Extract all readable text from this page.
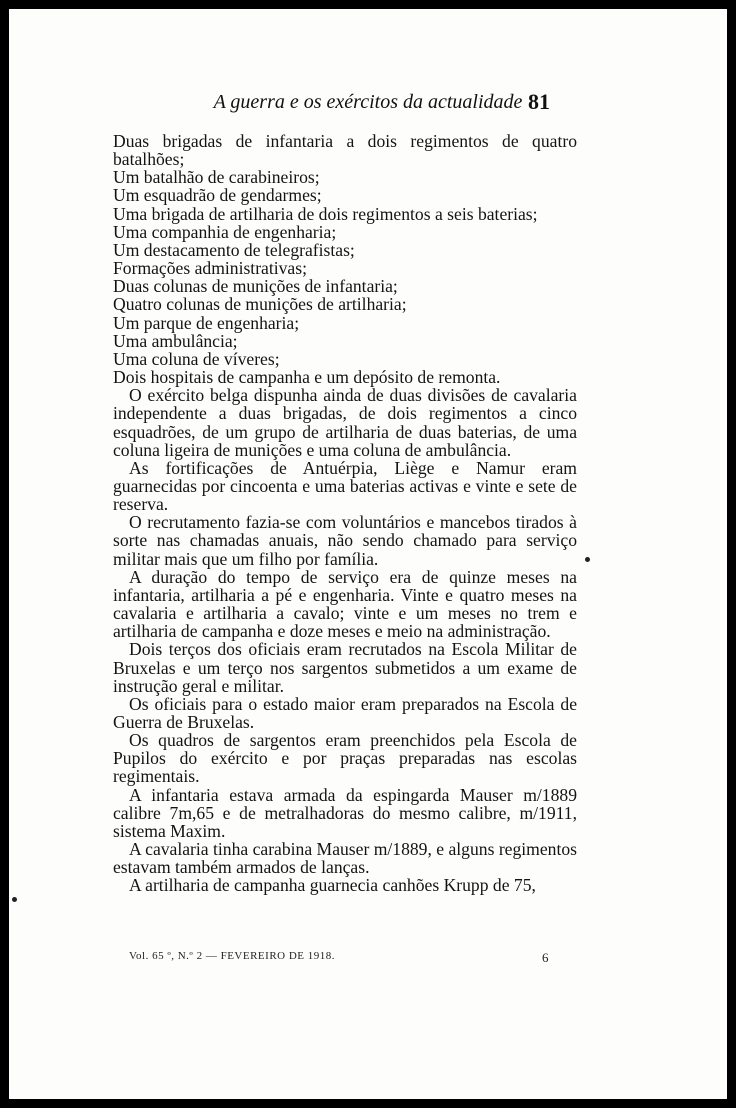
A guerra e os exércitos da actualidade 81

Duas brigadas de infantaria a dois regimentos de quatro batalhões;

Um batalhão de carabineiros;

Um esquadrão de gendarmes;

Uma brigada de artilharia de dois regimentos a seis baterias;

Uma companhia de engenharia;

Um destacamento de telegrafistas;

Formações administrativas;

Duas colunas de munições de infantaria;

Quatro colunas de munições de artilharia;

Um parque de engenharia;

Uma ambulância;

Uma coluna de víveres;

Dois hospitais de campanha e um depósito de remonta.

O exército belga dispunha ainda de duas divisões de cavalaria independente a duas brigadas, de dois regimentos a cinco esquadrões, de um grupo de artilharia de duas baterias, de uma coluna ligeira de munições e uma coluna de ambulância.

As fortificações de Antuérpia, Liège e Namur eram guarnecidas por cincoenta e uma baterias activas e vinte e sete de reserva.

O recrutamento fazia-se com voluntários e mancebos tirados à sorte nas chamadas anuais, não sendo chamado para serviço militar mais que um filho por família.

A duração do tempo de serviço era de quinze meses na infantaria, artilharia a pé e engenharia. Vinte e quatro meses na cavalaria e artilharia a cavalo; vinte e um meses no trem e artilharia de campanha e doze meses e meio na administração.

Dois terços dos oficiais eram recrutados na Escola Militar de Bruxelas e um terço nos sargentos submetidos a um exame de instrução geral e militar.

Os oficiais para o estado maior eram preparados na Escola de Guerra de Bruxelas.

Os quadros de sargentos eram preenchidos pela Escola de Pupilos do exército e por praças preparadas nas escolas regimentais.

A infantaria estava armada da espingarda Mauser m/1889 calibre 7m,65 e de metralhadoras do mesmo calibre, m/1911, sistema Maxim.

A cavalaria tinha carabina Mauser m/1889, e alguns regimentos estavam também armados de lanças.

A artilharia de campanha guarnecia canhões Krupp de 75,

Vol. 65 º, N.º 2 — FEVEREIRO DE 1918.	6
